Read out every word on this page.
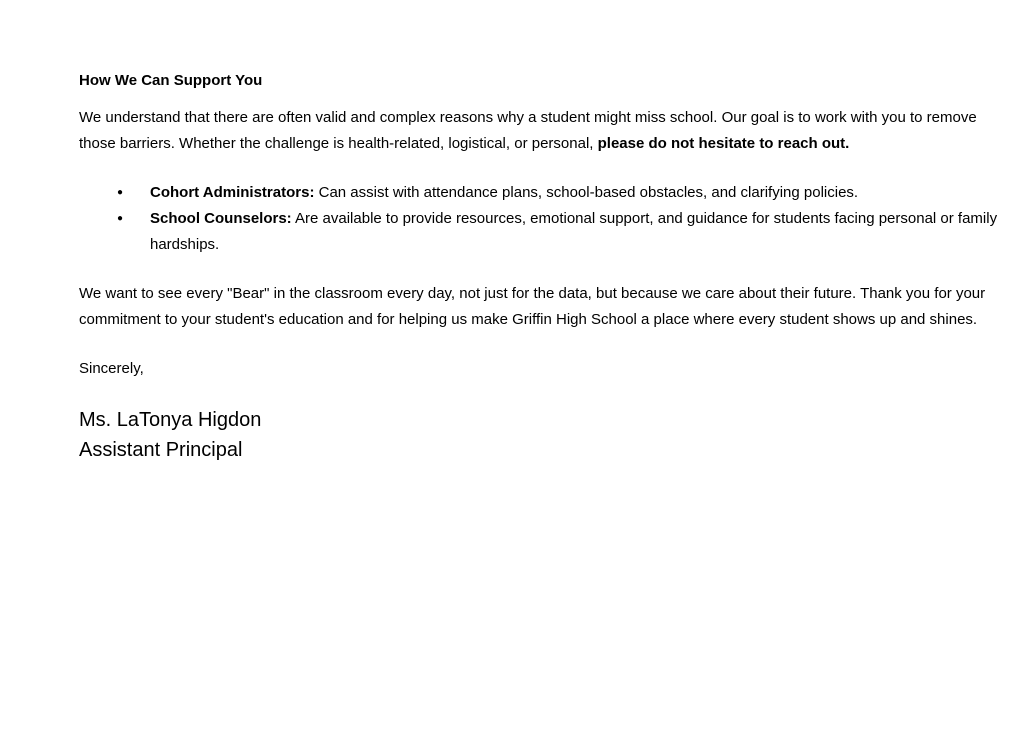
How We Can Support You

We understand that there are often valid and complex reasons why a student might miss school. Our goal is to work with you to remove those barriers. Whether the challenge is health-related, logistical, or personal, please do not hesitate to reach out.

● Cohort Administrators: Can assist with attendance plans, school-based obstacles, and clarifying policies.
● School Counselors: Are available to provide resources, emotional support, and guidance for students facing personal or family hardships.

We want to see every "Bear" in the classroom every day, not just for the data, but because we care about their future. Thank you for your commitment to your student's education and for helping us make Griffin High School a place where every student shows up and shines.

Sincerely,

Ms. LaTonya Higdon
Assistant Principal
